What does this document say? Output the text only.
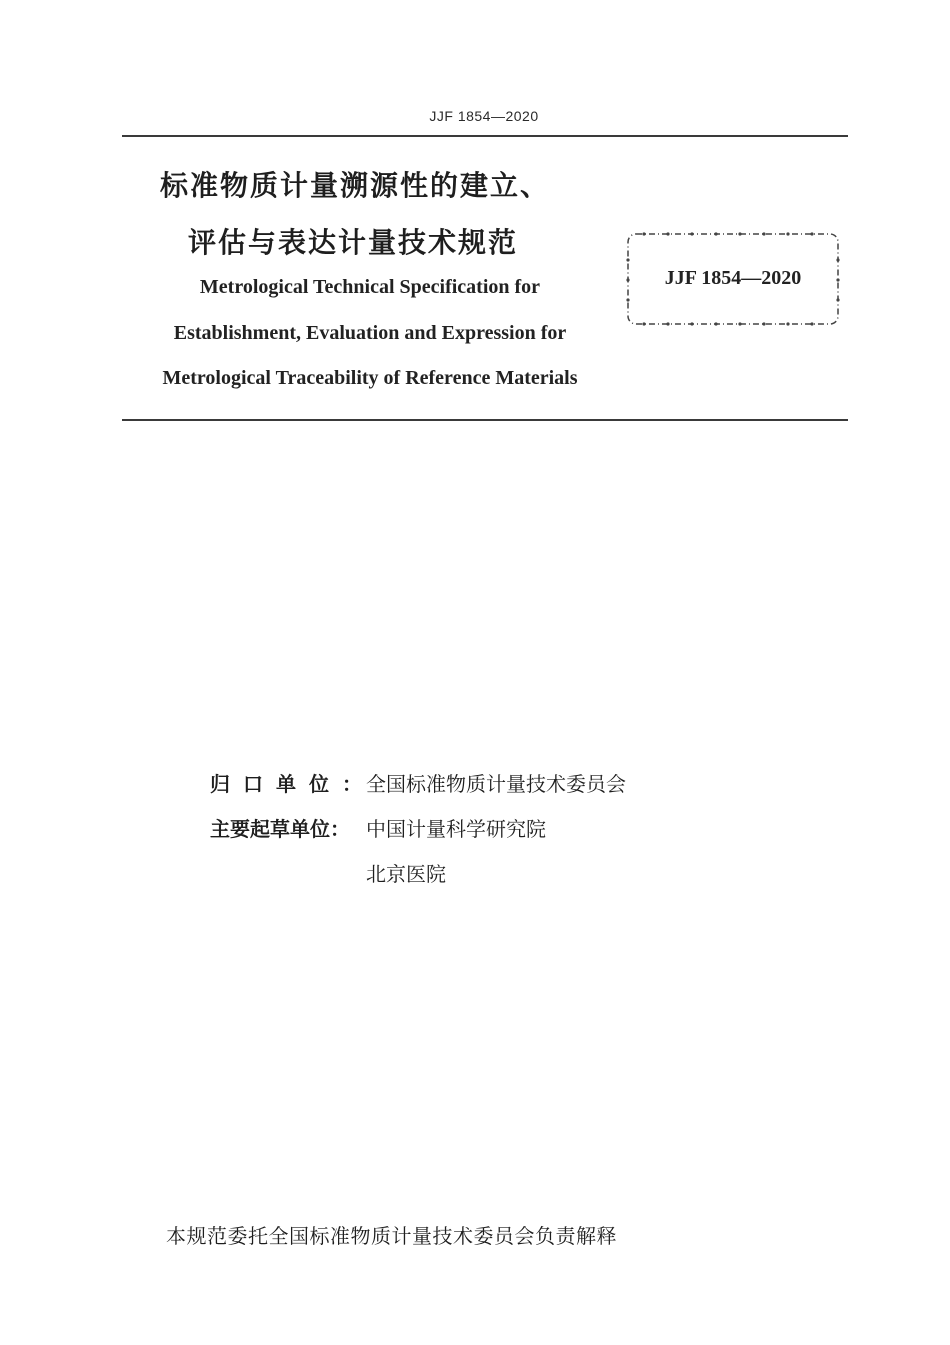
JJF 1854—2020
标准物质计量溯源性的建立、
评估与表达计量技术规范
Metrological Technical Specification for
Establishment, Evaluation and Expression for
Metrological Traceability of Reference Materials
JJF 1854—2020
归口单位：全国标准物质计量技术委员会
主要起草单位： 中国计量科学研究院
北京医院
本规范委托全国标准物质计量技术委员会负责解释
